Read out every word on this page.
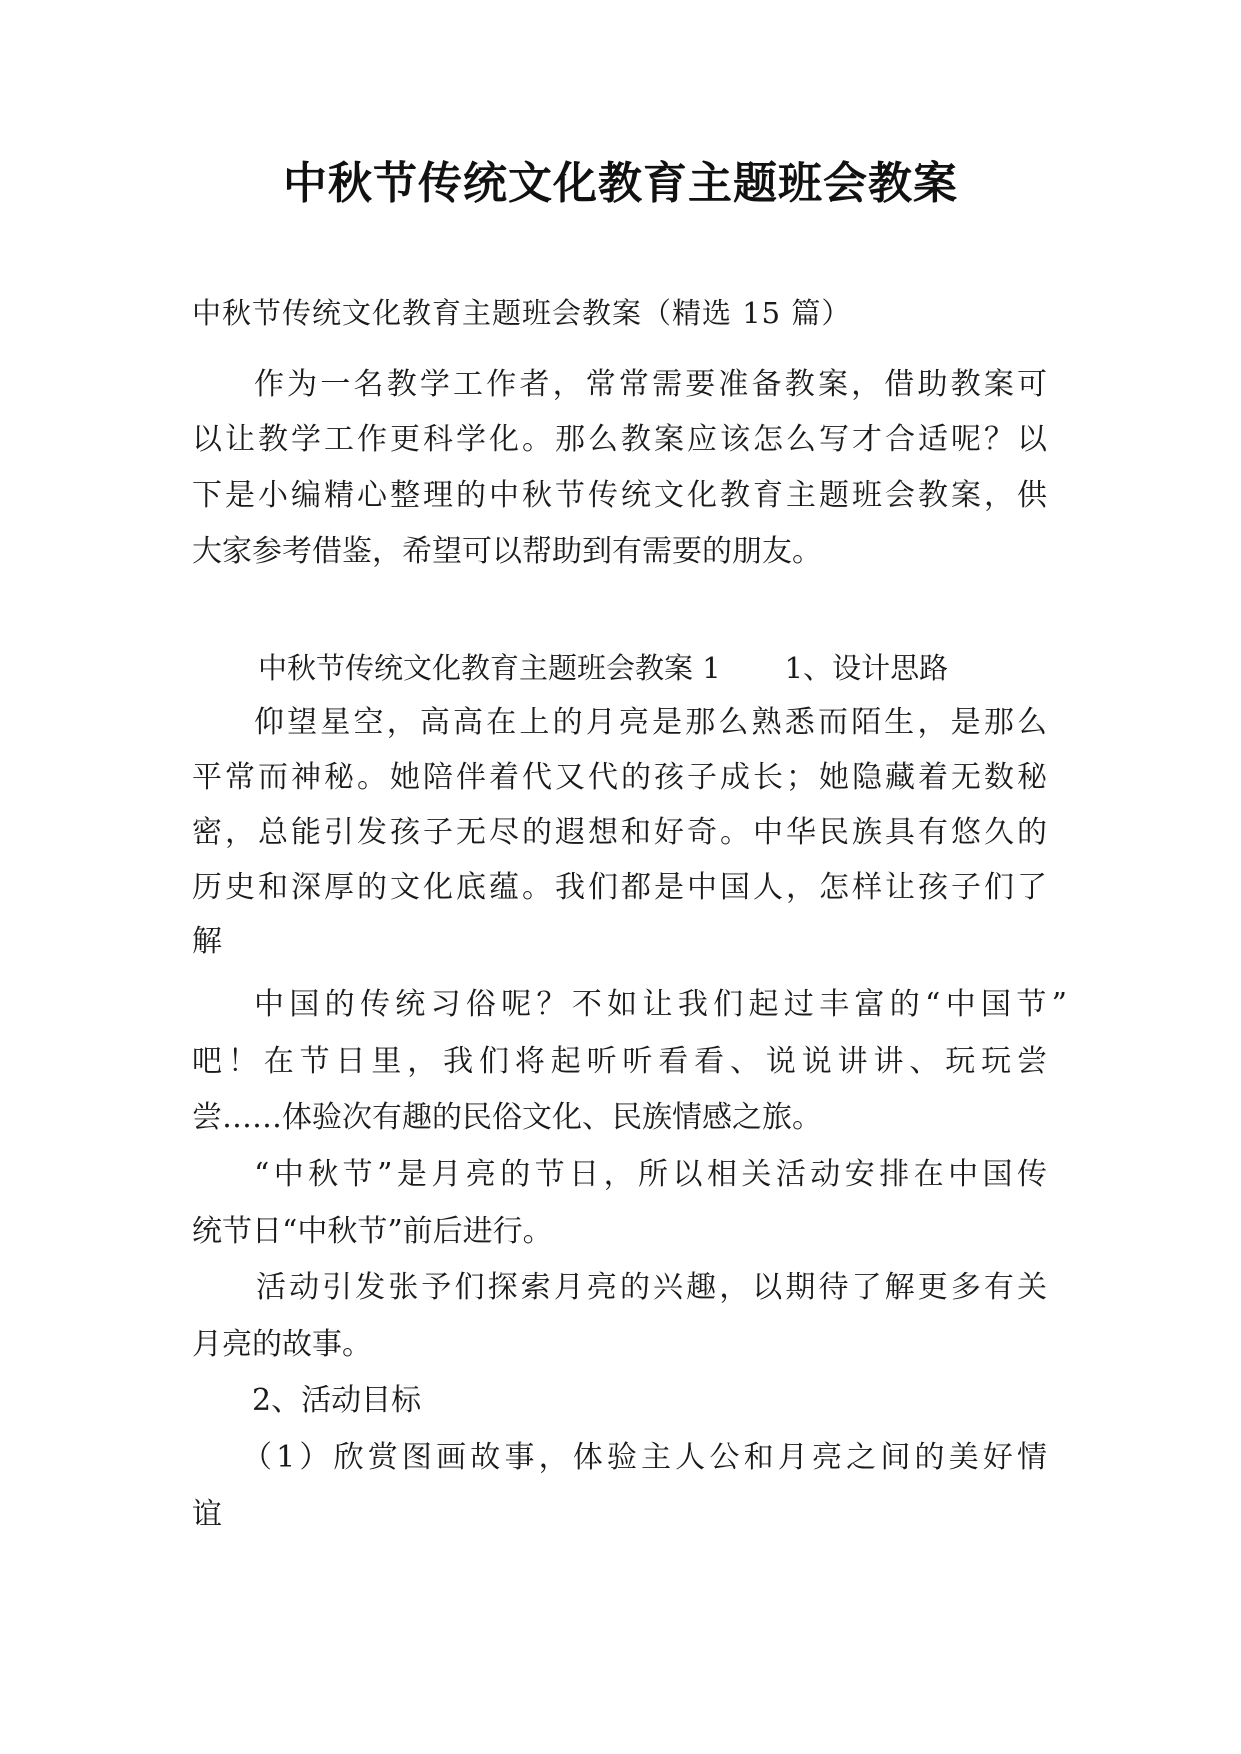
中秋节传统文化教育主题班会教案
中秋节传统文化教育主题班会教案（精选 15 篇）
作为一名教学工作者，常常需要准备教案，借助教案可
以让教学工作更科学化。那么教案应该怎么写才合适呢？以
下是小编精心整理的中秋节传统文化教育主题班会教案，供
大家参考借鉴，希望可以帮助到有需要的朋友。
中秋节传统文化教育主题班会教案 1 1、设计思路
仰望星空，高高在上的月亮是那么熟悉而陌生，是那么
平常而神秘。她陪伴着代又代的孩子成长；她隐藏着无数秘
密，总能引发孩子无尽的遐想和好奇。中华民族具有悠久的
历史和深厚的文化底蕴。我们都是中国人，怎样让孩子们了
解
中国的传统习俗呢？不如让我们起过丰富的“中国节”
吧！在节日里，我们将起听听看看、说说讲讲、玩玩尝
尝……体验次有趣的民俗文化、民族情感之旅。
“中秋节”是月亮的节日，所以相关活动安排在中国传
统节日“中秋节”前后进行。
活动引发张予们探索月亮的兴趣，以期待了解更多有关
月亮的故事。
2、活动目标
（1）欣赏图画故事，体验主人公和月亮之间的美好情
谊
